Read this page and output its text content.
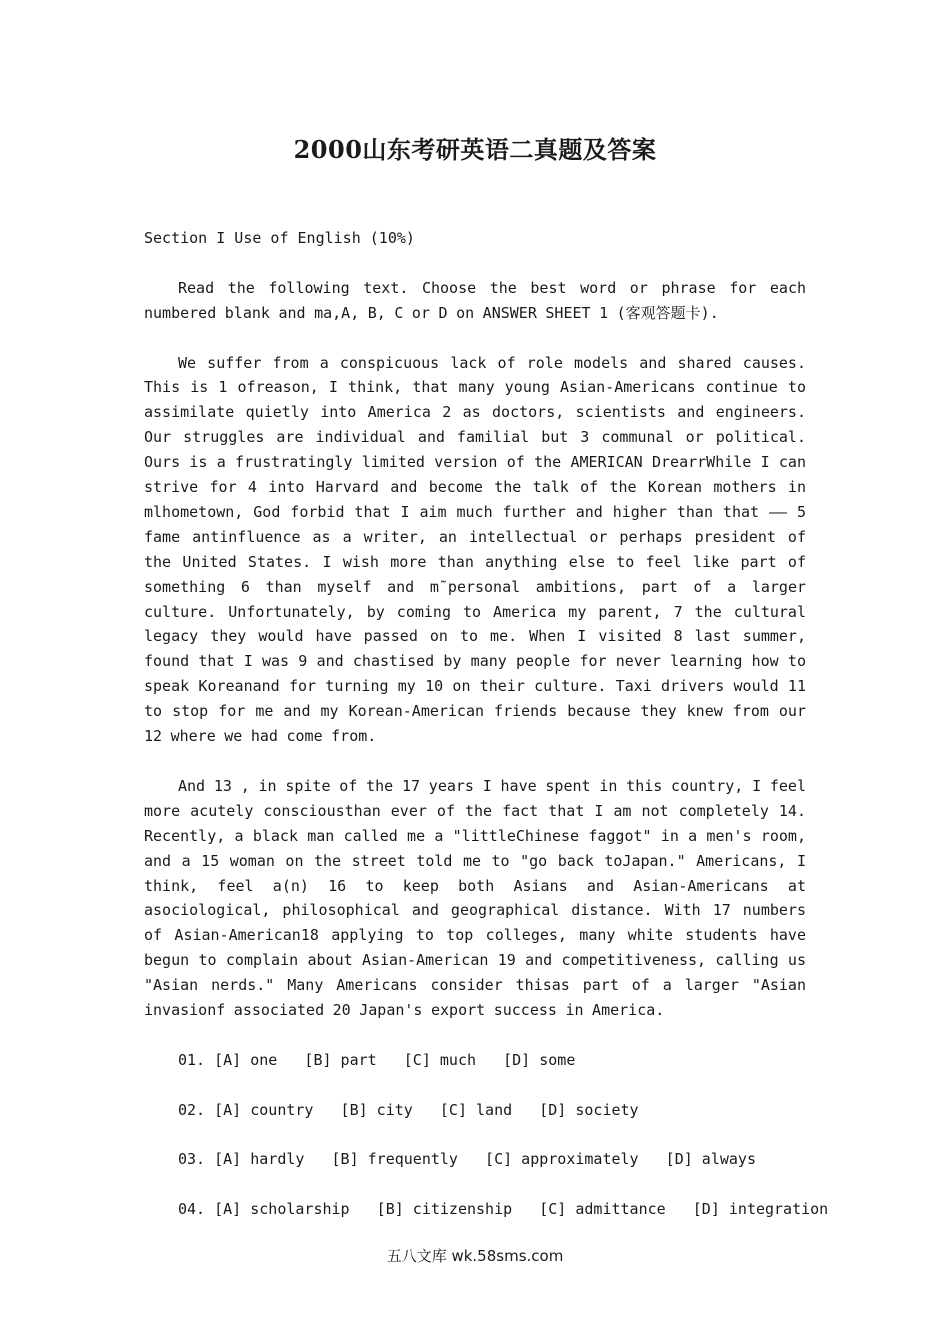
2000山东考研英语二真题及答案
Section I Use of English (10%)

Read the following text. Choose the best word or phrase for each numbered blank and ma,A, B, C or D on ANSWER SHEET 1 (客观答题卡).

We suffer from a conspicuous lack of role models and shared causes. This is 1 ofreason, I think, that many young Asian-Americans continue to assimilate quietly into America 2 as doctors, scientists and engineers. Our struggles are individual and familial but 3 communal or political. Ours is a frustratingly limited version of the AMERICAN DrearrWhile I can strive for 4 into Harvard and become the talk of the Korean mothers in mlhometown, God forbid that I aim much further and higher than that —— 5 fame antinfluence as a writer, an intellectual or perhaps president of the United States. I wish more than anything else to feel like part of something 6 than myself and m˜personal ambitions, part of a larger culture. Unfortunately, by coming to America my parent, 7 the cultural legacy they would have passed on to me. When I visited 8 last summer, found that I was 9 and chastised by many people for never learning how to speak Koreanand for turning my 10 on their culture. Taxi drivers would 11 to stop for me and my Korean-American friends because they knew from our 12 where we had come from.

And 13 , in spite of the 17 years I have spent in this country, I feel more acutely consciousthan ever of the fact that I am not completely 14. Recently, a black man called me a "littleChinese faggot" in a men's room, and a 15 woman on the street told me to "go back toJapan." Americans, I think, feel a(n) 16 to keep both Asians and Asian-Americans at asociological, philosophical and geographical distance. With 17 numbers of Asian-American18 applying to top colleges, many white students have begun to complain about Asian-American 19 and competitiveness, calling us "Asian nerds." Many Americans consider thisas part of a larger "Asian invasionf associated 20 Japan's export success in America.

01. [A] one   [B] part   [C] much   [D] some
02. [A] country   [B] city   [C] land   [D] society
03. [A] hardly   [B] frequently   [C] approximately   [D] always
04. [A] scholarship   [B] citizenship   [C] admittance   [D] integration
五八文库 wk.58sms.com
